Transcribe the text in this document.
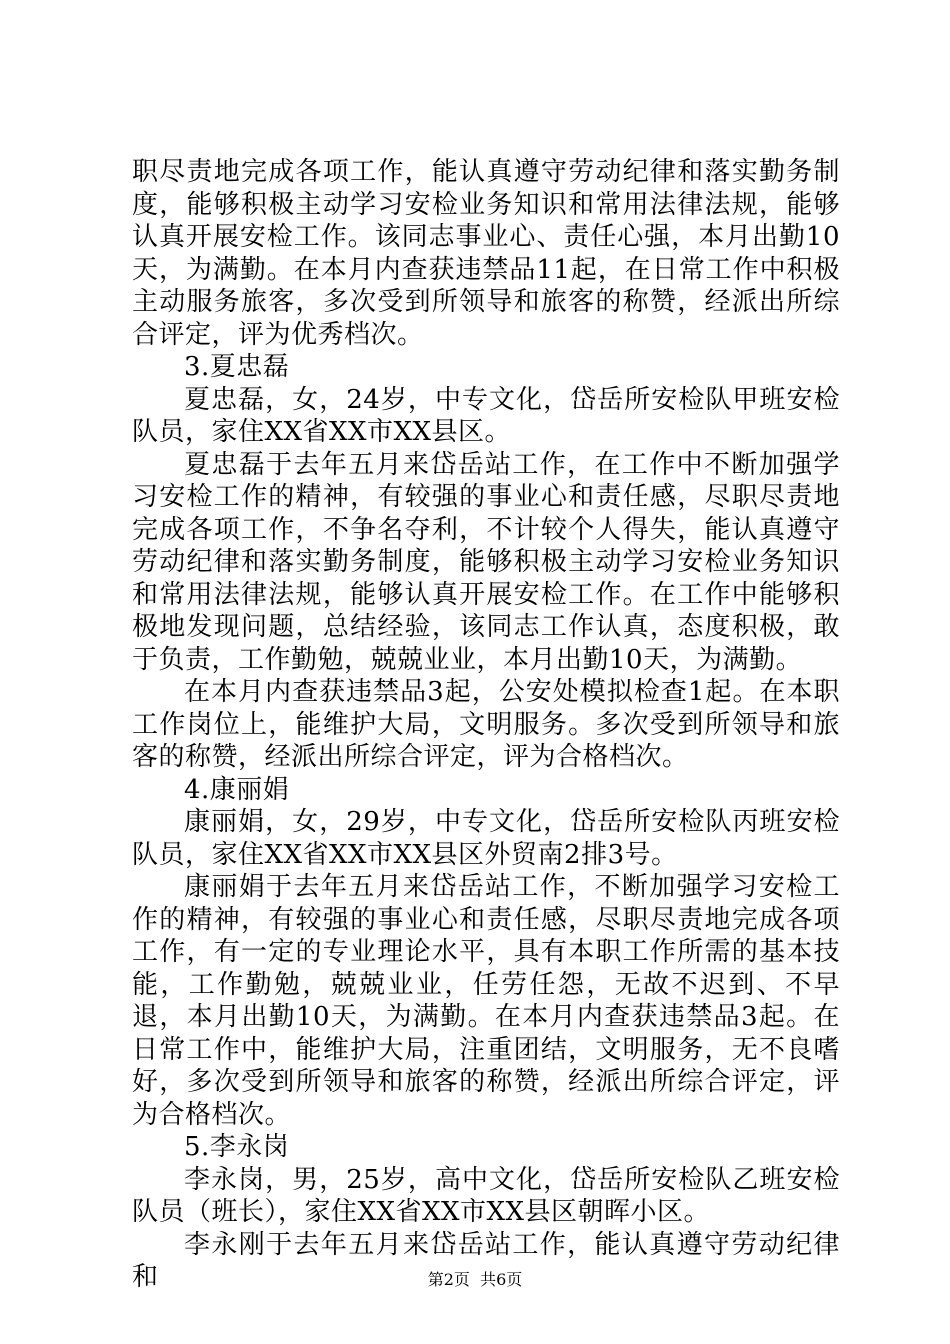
职尽责地完成各项工作，能认真遵守劳动纪律和落实勤务制度，能够积极主动学习安检业务知识和常用法律法规，能够认真开展安检工作。该同志事业心、责任心强，本月出勤10天，为满勤。在本月内查获违禁品11起，在日常工作中积极主动服务旅客，多次受到所领导和旅客的称赞，经派出所综合评定，评为优秀档次。

3.夏忠磊

夏忠磊，女，24岁，中专文化，岱岳所安检队甲班安检队员，家住XX省XX市XX县区。

夏忠磊于去年五月来岱岳站工作，在工作中不断加强学习安检工作的精神，有较强的事业心和责任感，尽职尽责地完成各项工作，不争名夺利，不计较个人得失，能认真遵守劳动纪律和落实勤务制度，能够积极主动学习安检业务知识和常用法律法规，能够认真开展安检工作。在工作中能够积极地发现问题，总结经验，该同志工作认真，态度积极，敢于负责，工作勤勉，兢兢业业，本月出勤10天，为满勤。

在本月内查获违禁品3起，公安处模拟检查1起。在本职工作岗位上，能维护大局，文明服务。多次受到所领导和旅客的称赞，经派出所综合评定，评为合格档次。

4.康丽娟

康丽娟，女，29岁，中专文化，岱岳所安检队丙班安检队员，家住XX省XX市XX县区外贸南2排3号。

康丽娟于去年五月来岱岳站工作，不断加强学习安检工作的精神，有较强的事业心和责任感，尽职尽责地完成各项工作，有一定的专业理论水平，具有本职工作所需的基本技能，工作勤勉，兢兢业业，任劳任怨，无故不迟到、不早退，本月出勤10天，为满勤。在本月内查获违禁品3起。在日常工作中，能维护大局，注重团结，文明服务，无不良嗜好，多次受到所领导和旅客的称赞，经派出所综合评定，评为合格档次。

5.李永岗

李永岗，男，25岁，高中文化，岱岳所安检队乙班安检队员（班长），家住XX省XX市XX县区朝晖小区。

李永刚于去年五月来岱岳站工作，能认真遵守劳动纪律和	第2页 共6页
